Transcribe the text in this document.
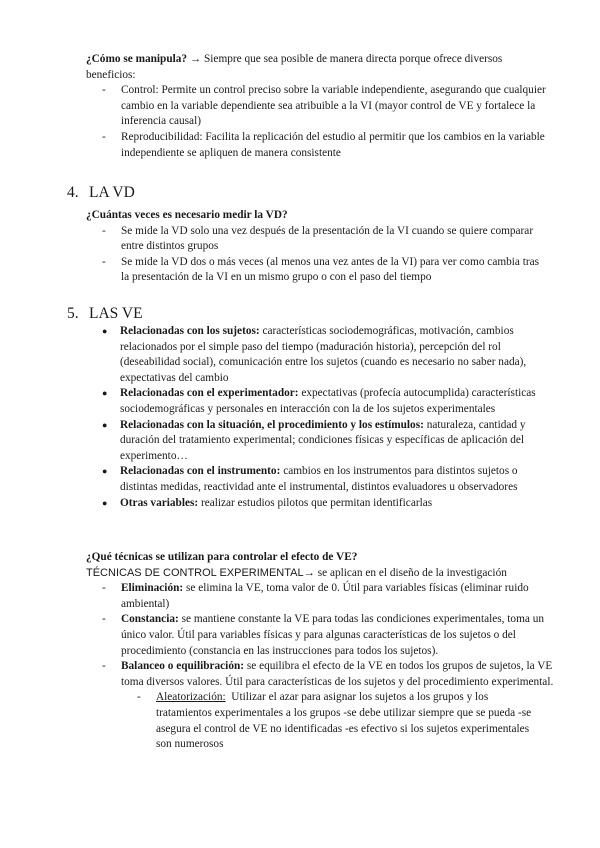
¿Cómo se manipula? → Siempre que sea posible de manera directa porque ofrece diversos beneficios:
- Control: Permite un control preciso sobre la variable independiente, asegurando que cualquier cambio en la variable dependiente sea atribuible a la VI (mayor control de VE y fortalece la inferencia causal)
- Reproducibilidad: Facilita la replicación del estudio al permitir que los cambios en la variable independiente se apliquen de manera consistente
4. LA VD
¿Cuántas veces es necesario medir la VD?
- Se mide la VD solo una vez después de la presentación de la VI cuando se quiere comparar entre distintos grupos
- Se mide la VD dos o más veces (al menos una vez antes de la VI) para ver como cambia tras la presentación de la VI en un mismo grupo o con el paso del tiempo
5. LAS VE
● Relacionadas con los sujetos: características sociodemográficas, motivación, cambios relacionados por el simple paso del tiempo (maduración historia), percepción del rol (deseabilidad social), comunicación entre los sujetos (cuando es necesario no saber nada), expectativas del cambio
● Relacionadas con el experimentador: expectativas (profecía autocumplida) características sociodemográficas y personales en interacción con la de los sujetos experimentales
● Relacionadas con la situación, el procedimiento y los estímulos: naturaleza, cantidad y duración del tratamiento experimental; condiciones físicas y específicas de aplicación del experimento…
● Relacionadas con el instrumento: cambios en los instrumentos para distintos sujetos o distintas medidas, reactividad ante el instrumental, distintos evaluadores u observadores
● Otras variables: realizar estudios pilotos que permitan identificarlas
¿Qué técnicas se utilizan para controlar el efecto de VE?
TÉCNICAS DE CONTROL EXPERIMENTAL→ se aplican en el diseño de la investigación
- Eliminación: se elimina la VE, toma valor de 0. Útil para variables físicas (eliminar ruido ambiental)
- Constancia: se mantiene constante la VE para todas las condiciones experimentales, toma un único valor. Útil para variables físicas y para algunas características de los sujetos o del procedimiento (constancia en las instrucciones para todos los sujetos).
- Balanceo o equilibración: se equilibra el efecto de la VE en todos los grupos de sujetos, la VE toma diversos valores. Útil para características de los sujetos y del procedimiento experimental.
- Aleatorización: Utilizar el azar para asignar los sujetos a los grupos y los tratamientos experimentales a los grupos -se debe utilizar siempre que se pueda -se asegura el control de VE no identificadas -es efectivo si los sujetos experimentales son numerosos
